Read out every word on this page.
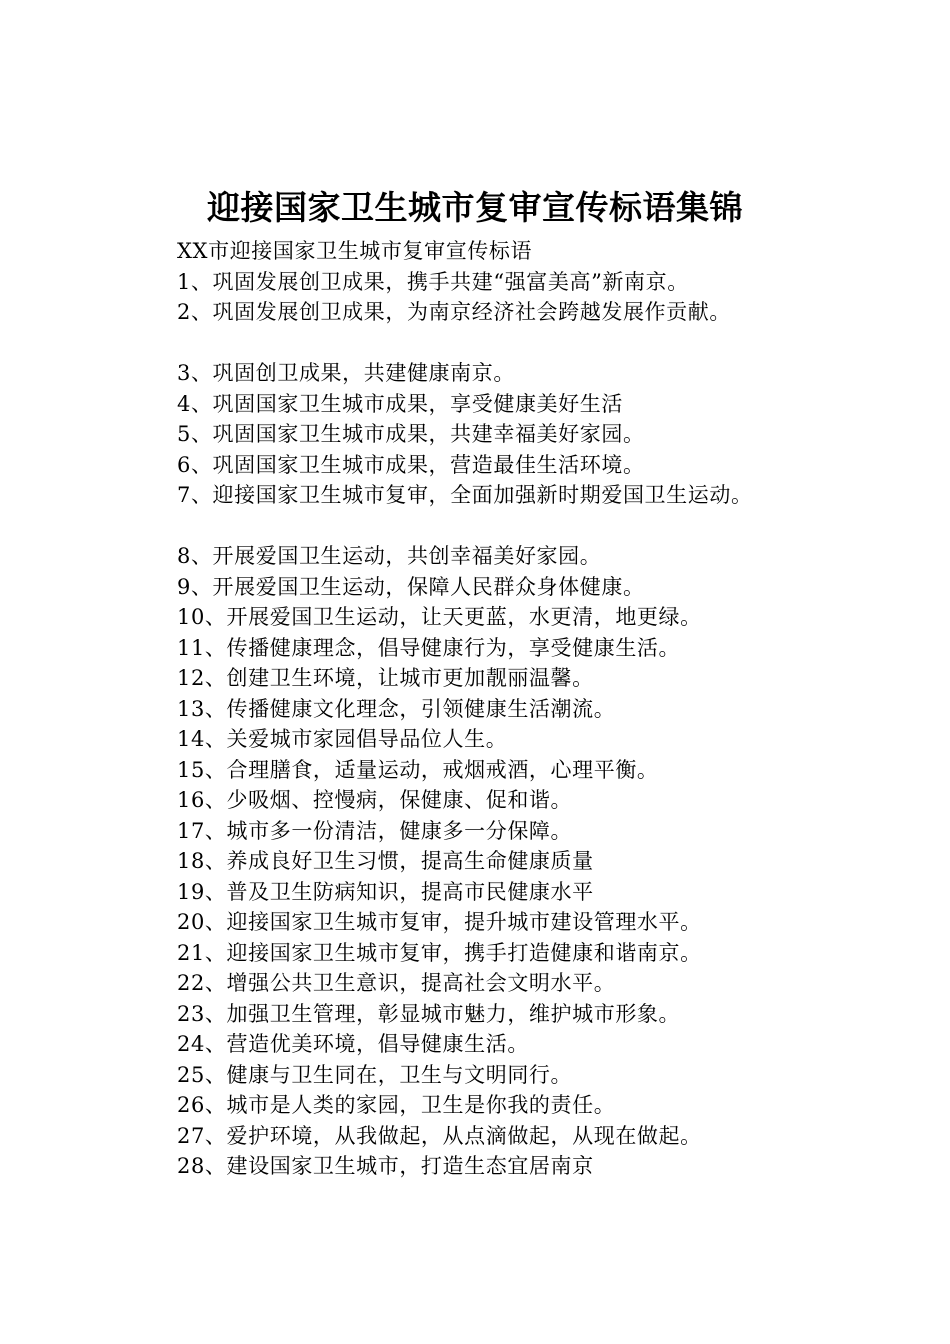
迎接国家卫生城市复审宣传标语集锦
XX市迎接国家卫生城市复审宣传标语
1、巩固发展创卫成果，携手共建“强富美高”新南京。
2、巩固发展创卫成果，为南京经济社会跨越发展作贡献。
3、巩固创卫成果，共建健康南京。
4、巩固国家卫生城市成果，享受健康美好生活
5、巩固国家卫生城市成果，共建幸福美好家园。
6、巩固国家卫生城市成果，营造最佳生活环境。
7、迎接国家卫生城市复审，全面加强新时期爱国卫生运动。
8、开展爱国卫生运动，共创幸福美好家园。
9、开展爱国卫生运动，保障人民群众身体健康。
10、开展爱国卫生运动，让天更蓝，水更清，地更绿。
11、传播健康理念，倡导健康行为，享受健康生活。
12、创建卫生环境，让城市更加靓丽温馨。
13、传播健康文化理念，引领健康生活潮流。
14、关爱城市家园倡导品位人生。
15、合理膳食，适量运动，戒烟戒酒，心理平衡。
16、少吸烟、控慢病，保健康、促和谐。
17、城市多一份清洁，健康多一分保障。
18、养成良好卫生习惯，提高生命健康质量
19、普及卫生防病知识，提高市民健康水平
20、迎接国家卫生城市复审，提升城市建设管理水平。
21、迎接国家卫生城市复审，携手打造健康和谐南京。
22、增强公共卫生意识，提高社会文明水平。
23、加强卫生管理，彰显城市魅力，维护城市形象。
24、营造优美环境，倡导健康生活。
25、健康与卫生同在，卫生与文明同行。
26、城市是人类的家园，卫生是你我的责任。
27、爱护环境，从我做起，从点滴做起，从现在做起。
28、建设国家卫生城市，打造生态宜居南京
